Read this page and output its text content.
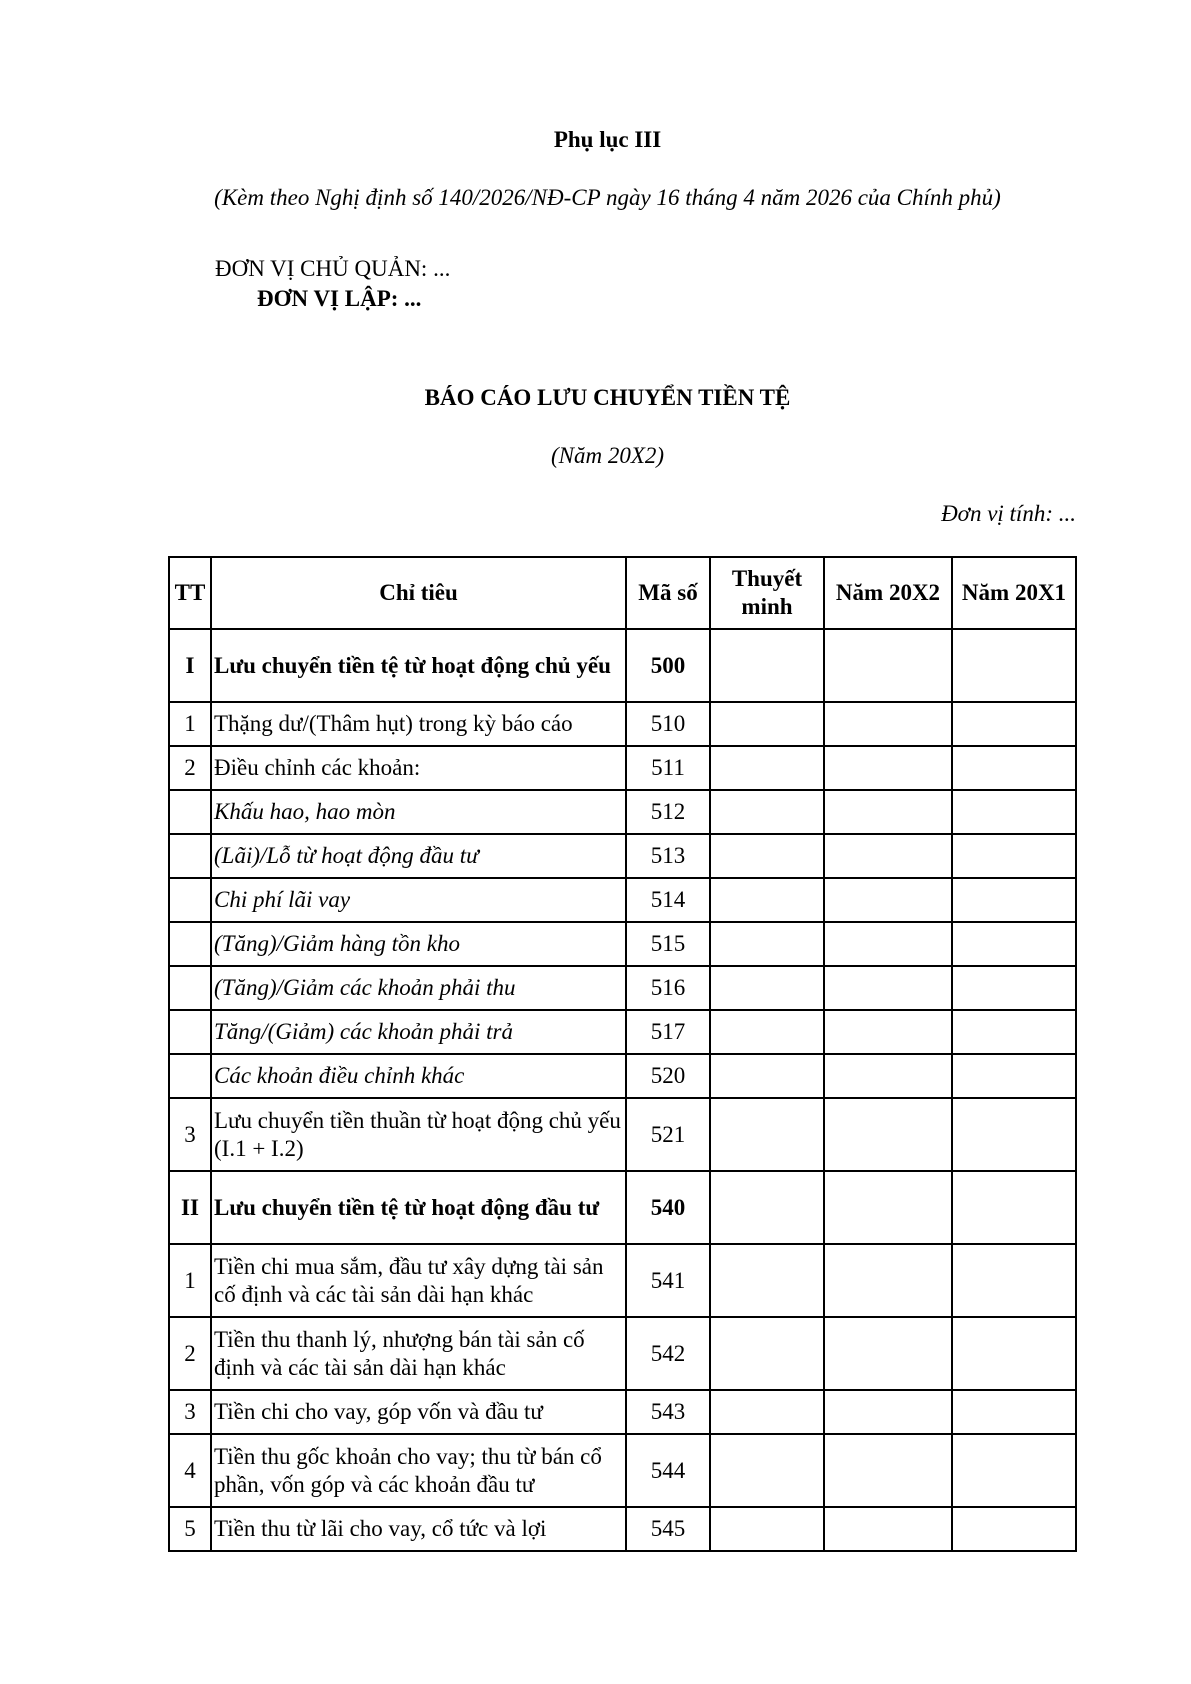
Phụ lục III
(Kèm theo Nghị định số 140/2026/NĐ-CP ngày 16 tháng 4 năm 2026 của Chính phủ)
ĐƠN VỊ CHỦ QUẢN: ...
ĐƠN VỊ LẬP: ...
BÁO CÁO LƯU CHUYỂN TIỀN TỆ
(Năm 20X2)
Đơn vị tính: ...
TT	Chỉ tiêu	Mã số	Thuyết minh	Năm 20X2	Năm 20X1
I	Lưu chuyển tiền tệ từ hoạt động chủ yếu	500			
1	Thặng dư/(Thâm hụt) trong kỳ báo cáo	510			
2	Điều chỉnh các khoản:	511			
	Khấu hao, hao mòn	512			
	(Lãi)/Lỗ từ hoạt động đầu tư	513			
	Chi phí lãi vay	514			
	(Tăng)/Giảm hàng tồn kho	515			
	(Tăng)/Giảm các khoản phải thu	516			
	Tăng/(Giảm) các khoản phải trả	517			
	Các khoản điều chỉnh khác	520			
3	Lưu chuyển tiền thuần từ hoạt động chủ yếu (I.1 + I.2)	521			
II	Lưu chuyển tiền tệ từ hoạt động đầu tư	540			
1	Tiền chi mua sắm, đầu tư xây dựng tài sản cố định và các tài sản dài hạn khác	541			
2	Tiền thu thanh lý, nhượng bán tài sản cố định và các tài sản dài hạn khác	542			
3	Tiền chi cho vay, góp vốn và đầu tư	543			
4	Tiền thu gốc khoản cho vay; thu từ bán cổ phần, vốn góp và các khoản đầu tư	544			
5	Tiền thu từ lãi cho vay, cổ tức và lợi	545			
